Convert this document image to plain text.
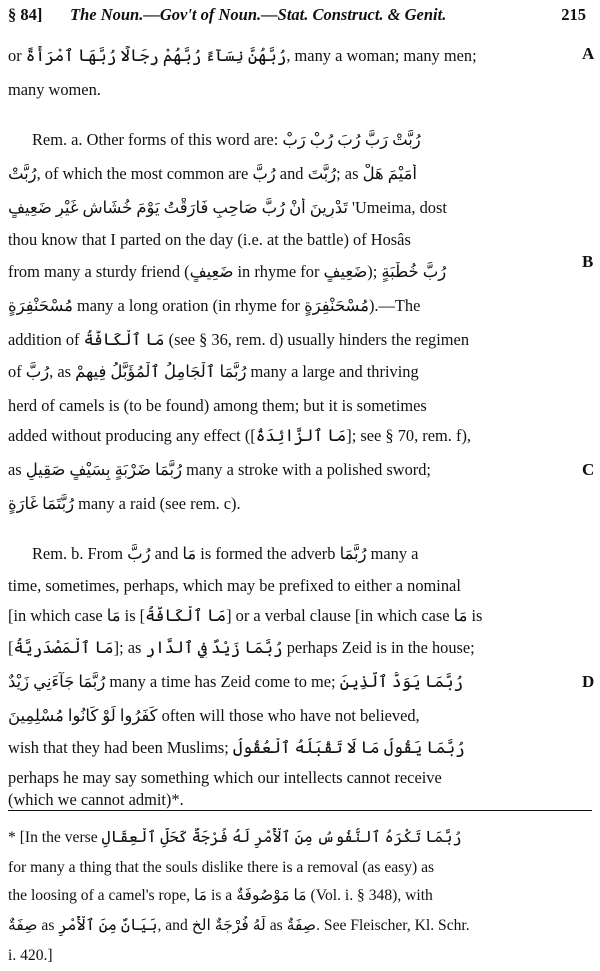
§ 84] The Noun.—Gov't of Noun.—Stat. Construct. & Genit.	215
A
B
C
D
or رُبَّهُنَّ نِسَآءً رُبَّهُمْ رِجَالًا رُبَّهَا ٱمْرَأَةً, many a woman; many men;
many women.
Rem. a. Other forms of this word are: رُبَّتْ رَبَّ رُبَ رُبْ رَبْ
رُبَّتْ, of which the most common are رُبَّ and رُبَّتَ; as أُمَيْمَ هَلْ
تَدْرِينَ أَنْ رُبَّ صَاحِبٍ فَارَقْتُ يَوْمَ خُشَاشٍ غَيْرِ ضَعِيفٍ 'Umeima, dost
thou know that I parted on the day (i.e. at the battle) of Hosâs
from many a sturdy friend (ضَعِيفٍ in rhyme for ضَعِيفٍ); رُبَّ خُطْبَةٍ
مُسْحَنْفِرَةٍ many a long oration (in rhyme for مُسْحَنْفِرَةٍ).—The
addition of مَا ٱلْكَافَّةُ (see § 36, rem. d) usually hinders the regimen
of رُبَّ, as رُبَّمَا ٱلْجَامِلُ ٱلْمُؤَبَّلُ فِيهِمْ many a large and thriving
herd of camels is (to be found) among them; but it is sometimes
added without producing any effect ([مَا ٱلزَّائِدَةُ]; see § 70, rem. f),
as رُبَّمَا ضَرْبَةٍ بِسَيْفٍ صَقِيلٍ many a stroke with a polished sword;
رُبَّتَمَا غَارَةٍ many a raid (see rem. c).
Rem. b. From رُبَّ and مَا is formed the adverb رُبَّمَا many a
time, sometimes, perhaps, which may be prefixed to either a nominal
[in which case مَا is [مَا ٱلْكَافَّةُ] or a verbal clause [in which case مَا is
[مَا ٱلْمَصْدَرِيَّةُ]; as رُبَّمَا زَيْدٌ فِي ٱلدَّارِ perhaps Zeid is in the house;
رُبَّمَا جَآءَنِي زَيْدٌ many a time has Zeid come to me; رُبَّمَا يَوَدُّ ٱلَّذِينَ
كَفَرُوا لَوْ كَانُوا مُسْلِمِينَ often will those who have not believed,
wish that they had been Muslims; رُبَّمَا يَقُولُ مَا لَا تَقْبَلُهُ ٱلْعُقُولُ
perhaps he may say something which our intellects cannot receive
(which we cannot admit)*.
* [In the verse رُبَّمَا تَكْرَهُ ٱلنُّفُوسُ مِنَ ٱلْأَمْرِ لَهُ فُرْجَةٌ كَحَلِّ ٱلْعِقَالِ
for many a thing that the souls dislike there is a removal (as easy) as
the loosing of a camel's rope, مَا is a مَا مَوْصُوفَةٌ (Vol. i. § 348), with
صِفَةٌ as بَيَانٌ مِنَ ٱلْأَمْرِ, and لَهُ فُرْجَةٌ الخ as صِفَةٌ. See Fleischer, Kl. Schr.
i. 420.]
